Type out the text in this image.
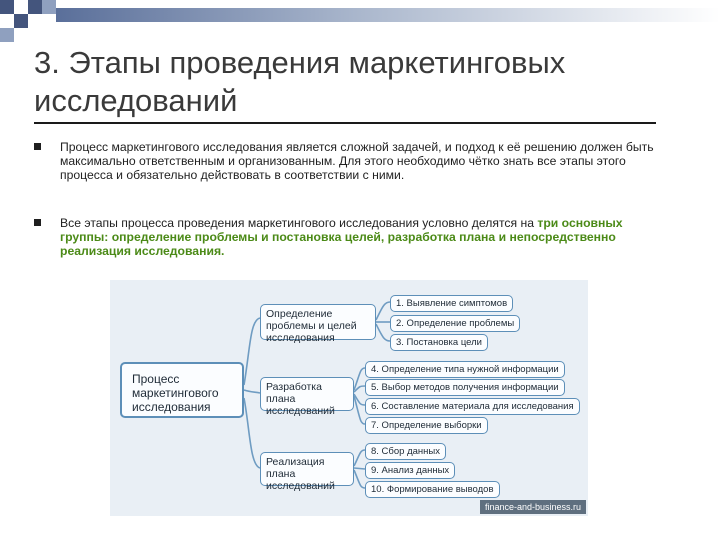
3. Этапы проведения маркетинговых исследований
Процесс маркетингового исследования является сложной задачей, и подход к её решению должен быть максимально ответственным и организованным. Для этого необходимо чётко знать все этапы этого процесса и обязательно действовать в соответствии с ними.
Все этапы процесса проведения маркетингового исследования условно делятся на три основных группы: определение проблемы и постановка целей, разработка плана и непосредственно реализация исследования.
Процесс маркетингового исследования
Определение проблемы и целей исследования
Разработка плана исследований
Реализация плана исследований
1. Выявление симптомов
2. Определение проблемы
3. Постановка цели
4. Определение типа нужной информации
5. Выбор методов получения информации
6. Составление материала для исследования
7. Определение выборки
8. Сбор данных
9. Анализ данных
10. Формирование выводов
finance-and-business.ru
